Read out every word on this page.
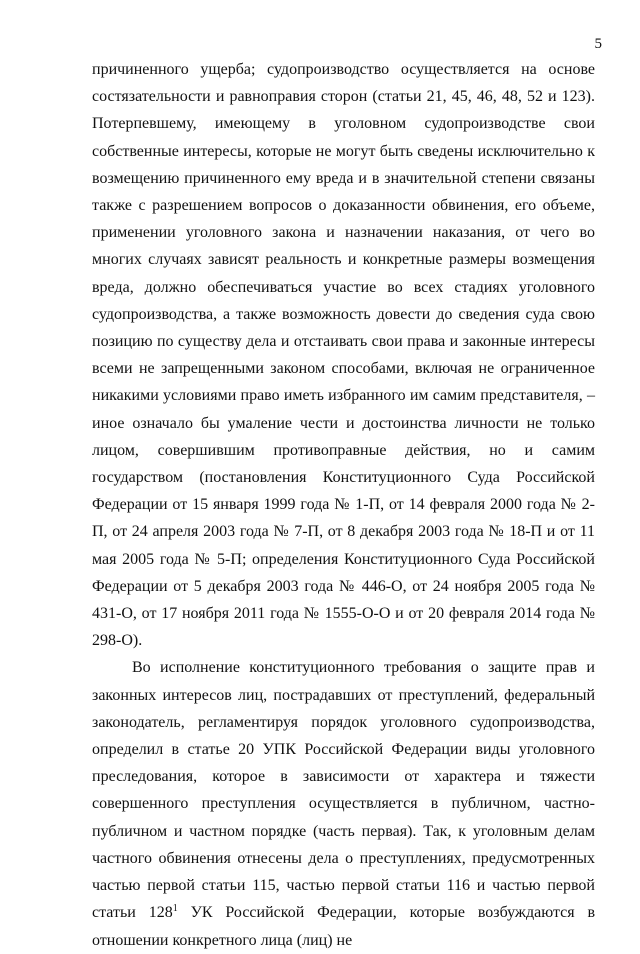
5

причиненного ущерба; судопроизводство осуществляется на основе состязательности и равноправия сторон (статьи 21, 45, 46, 48, 52 и 123). Потерпевшему, имеющему в уголовном судопроизводстве свои собственные интересы, которые не могут быть сведены исключительно к возмещению причиненного ему вреда и в значительной степени связаны также с разрешением вопросов о доказанности обвинения, его объеме, применении уголовного закона и назначении наказания, от чего во многих случаях зависят реальность и конкретные размеры возмещения вреда, должно обеспечиваться участие во всех стадиях уголовного судопроизводства, а также возможность довести до сведения суда свою позицию по существу дела и отстаивать свои права и законные интересы всеми не запрещенными законом способами, включая не ограниченное никакими условиями право иметь избранного им самим представителя, – иное означало бы умаление чести и достоинства личности не только лицом, совершившим противоправные действия, но и самим государством (постановления Конституционного Суда Российской Федерации от 15 января 1999 года № 1-П, от 14 февраля 2000 года № 2-П, от 24 апреля 2003 года № 7-П, от 8 декабря 2003 года № 18-П и от 11 мая 2005 года № 5-П; определения Конституционного Суда Российской Федерации от 5 декабря 2003 года № 446-О, от 24 ноября 2005 года № 431-О, от 17 ноября 2011 года № 1555-О-О и от 20 февраля 2014 года № 298-О).

Во исполнение конституционного требования о защите прав и законных интересов лиц, пострадавших от преступлений, федеральный законодатель, регламентируя порядок уголовного судопроизводства, определил в статье 20 УПК Российской Федерации виды уголовного преследования, которое в зависимости от характера и тяжести совершенного преступления осуществляется в публичном, частно-публичном и частном порядке (часть первая). Так, к уголовным делам частного обвинения отнесены дела о преступлениях, предусмотренных частью первой статьи 115, частью первой статьи 116 и частью первой статьи $128^1$ УК Российской Федерации, которые возбуждаются в отношении конкретного лица (лиц) не
